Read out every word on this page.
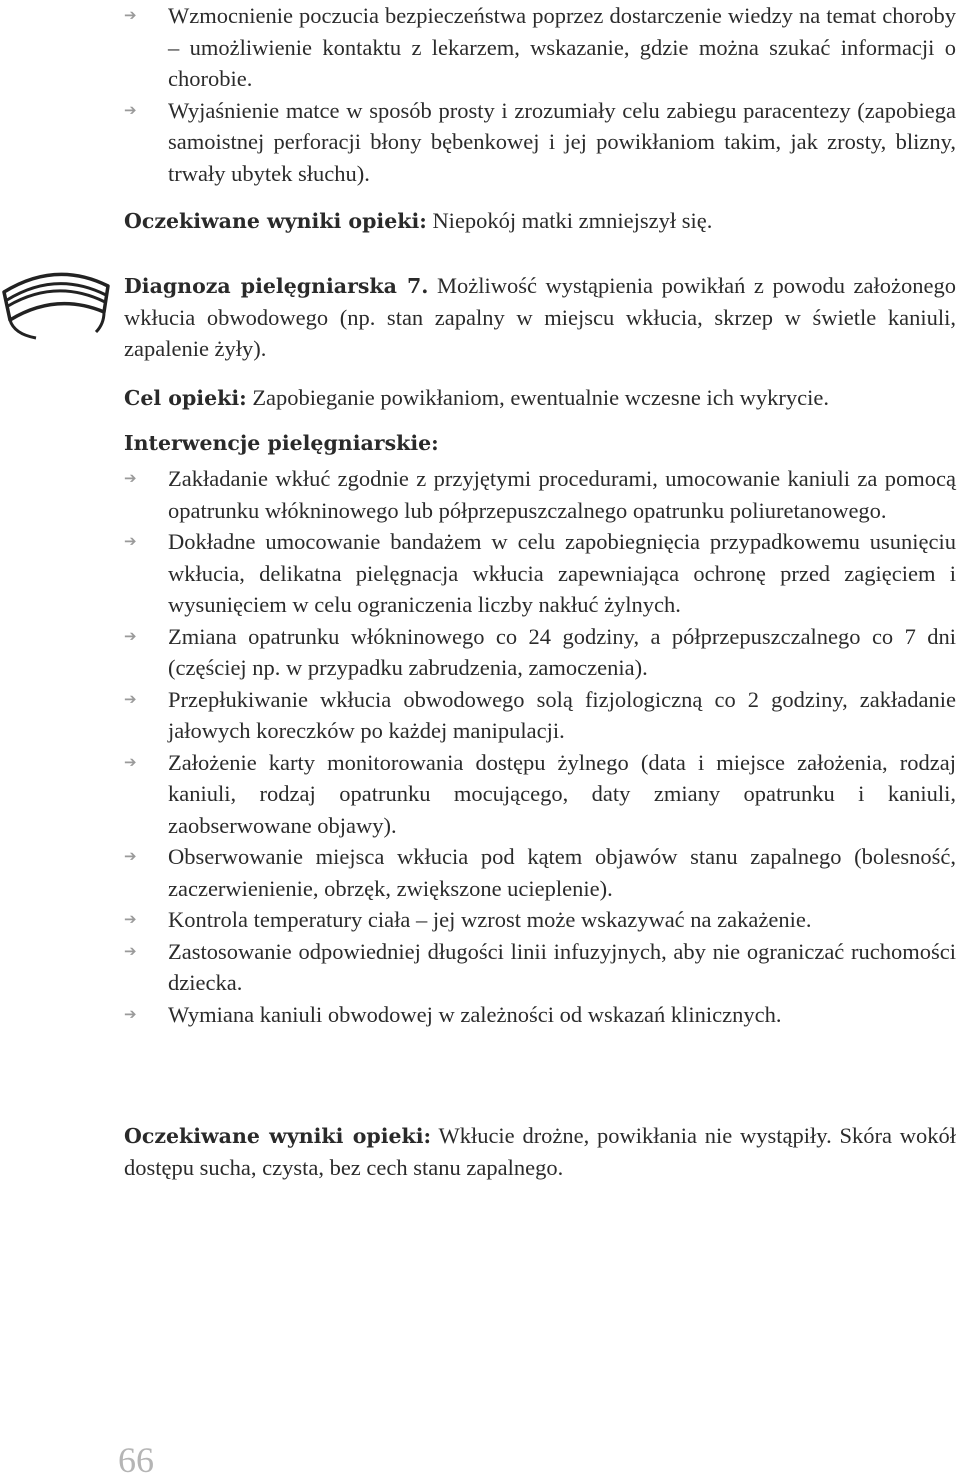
➔	Wzmocnienie poczucia bezpieczeństwa poprzez dostarczenie wiedzy na temat choroby – umożliwienie kontaktu z lekarzem, wskazanie, gdzie można szukać informacji o chorobie.
➔	Wyjaśnienie matce w sposób prosty i zrozumiały celu zabiegu paracentezy (zapobiega samoistnej perforacji błony bębenkowej i jej powikłaniom takim, jak zrosty, blizny, trwały ubytek słuchu).
Oczekiwane wyniki opieki: Niepokój matki zmniejszył się.
Diagnoza pielęgniarska 7. Możliwość wystąpienia powikłań z powodu założonego wkłucia obwodowego (np. stan zapalny w miejscu wkłucia, skrzep w świetle kaniuli, zapalenie żyły).
Cel opieki: Zapobieganie powikłaniom, ewentualnie wczesne ich wykrycie.
Interwencje pielęgniarskie:
➔	Zakładanie wkłuć zgodnie z przyjętymi procedurami, umocowanie kaniuli za pomocą opatrunku włókninowego lub półprzepuszczalnego opatrunku poliuretanowego.
➔	Dokładne umocowanie bandażem w celu zapobiegnięcia przypadkowemu usunięciu wkłucia, delikatna pielęgnacja wkłucia zapewniająca ochronę przed zagięciem i wysunięciem w celu ograniczenia liczby nakłuć żylnych.
➔	Zmiana opatrunku włókninowego co 24 godziny, a półprzepuszczalnego co 7 dni (częściej np. w przypadku zabrudzenia, zamoczenia).
➔	Przepłukiwanie wkłucia obwodowego solą fizjologiczną co 2 godziny, zakładanie jałowych koreczków po każdej manipulacji.
➔	Założenie karty monitorowania dostępu żylnego (data i miejsce założenia, rodzaj kaniuli, rodzaj opatrunku mocującego, daty zmiany opatrunku i kaniuli, zaobserwowane objawy).
➔	Obserwowanie miejsca wkłucia pod kątem objawów stanu zapalnego (bolesność, zaczerwienienie, obrzęk, zwiększone ucieplenie).
➔	Kontrola temperatury ciała – jej wzrost może wskazywać na zakażenie.
➔	Zastosowanie odpowiedniej długości linii infuzyjnych, aby nie ograniczać ruchomości dziecka.
➔	Wymiana kaniuli obwodowej w zależności od wskazań klinicznych.
Oczekiwane wyniki opieki: Wkłucie drożne, powikłania nie wystąpiły. Skóra wokół dostępu sucha, czysta, bez cech stanu zapalnego.
66
